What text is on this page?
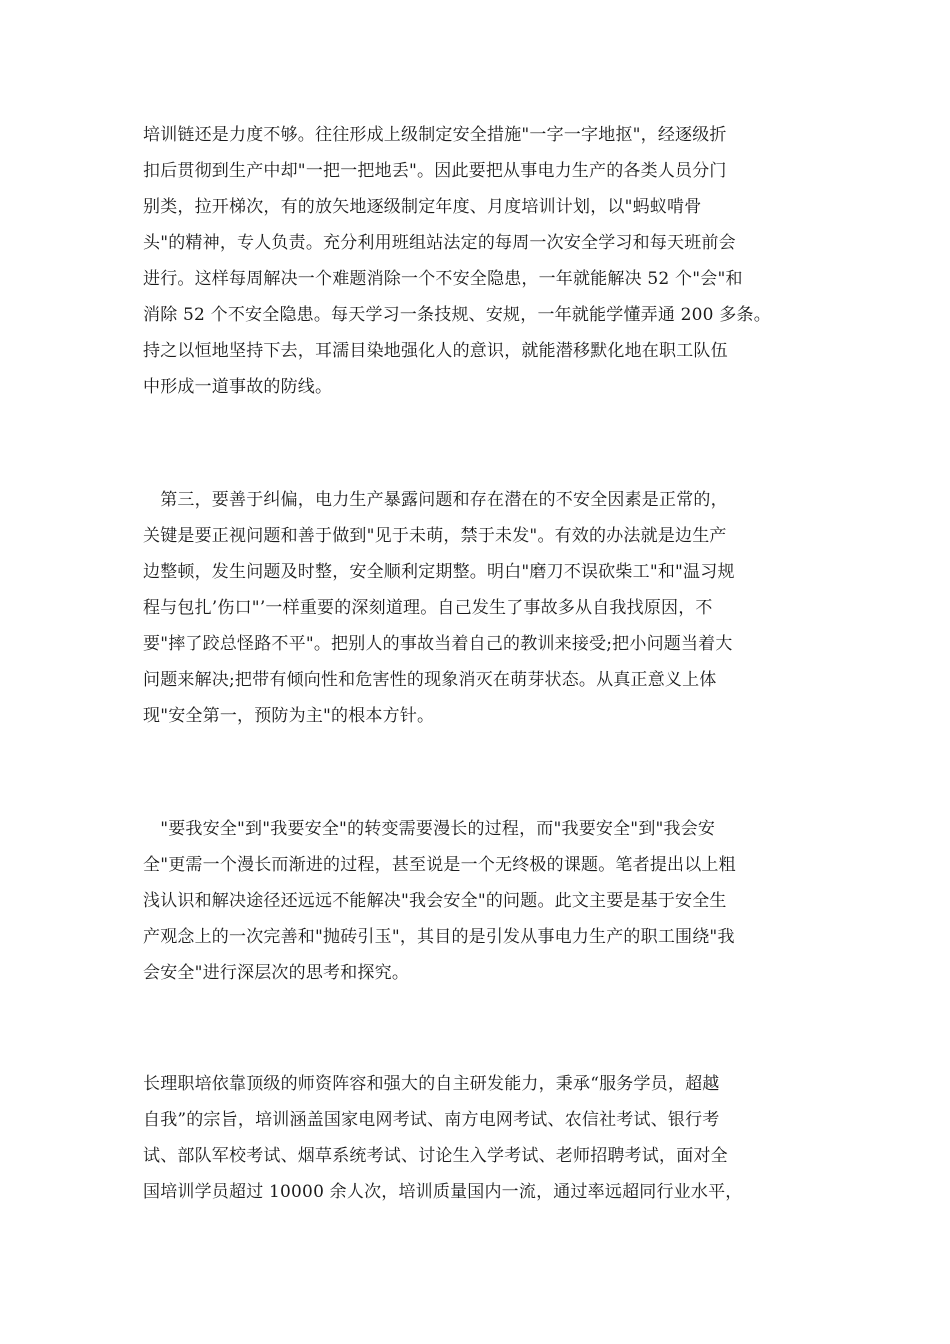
培训链还是力度不够。往往形成上级制定安全措施"一字一字地抠"，经逐级折
扣后贯彻到生产中却"一把一把地丢"。因此要把从事电力生产的各类人员分门
别类，拉开梯次，有的放矢地逐级制定年度、月度培训计划，以"蚂蚁啃骨
头"的精神，专人负责。充分利用班组站法定的每周一次安全学习和每天班前会
进行。这样每周解决一个难题消除一个不安全隐患，一年就能解决 52 个"会"和
消除 52 个不安全隐患。每天学习一条技规、安规，一年就能学懂弄通 200 多条。
持之以恒地坚持下去，耳濡目染地强化人的意识，就能潜移默化地在职工队伍
中形成一道事故的防线。
　第三，要善于纠偏，电力生产暴露问题和存在潜在的不安全因素是正常的，
关键是要正视问题和善于做到"见于未萌，禁于未发"。有效的办法就是边生产
边整顿，发生问题及时整，安全顺利定期整。明白"磨刀不误砍柴工"和"温习规
程与包扎’伤口"’一样重要的深刻道理。自己发生了事故多从自我找原因，不
要"摔了跤总怪路不平"。把别人的事故当着自己的教训来接受;把小问题当着大
问题来解决;把带有倾向性和危害性的现象消灭在萌芽状态。从真正意义上体
现"安全第一，预防为主"的根本方针。
　"要我安全"到"我要安全"的转变需要漫长的过程，而"我要安全"到"我会安
全"更需一个漫长而渐进的过程，甚至说是一个无终极的课题。笔者提出以上粗
浅认识和解决途径还远远不能解决"我会安全"的问题。此文主要是基于安全生
产观念上的一次完善和"抛砖引玉"，其目的是引发从事电力生产的职工围绕"我
会安全"进行深层次的思考和探究。
长理职培依靠顶级的师资阵容和强大的自主研发能力，秉承“服务学员，超越
自我”的宗旨，培训涵盖国家电网考试、南方电网考试、农信社考试、银行考
试、部队军校考试、烟草系统考试、讨论生入学考试、老师招聘考试，面对全
国培训学员超过 10000 余人次，培训质量国内一流，通过率远超同行业水平，
